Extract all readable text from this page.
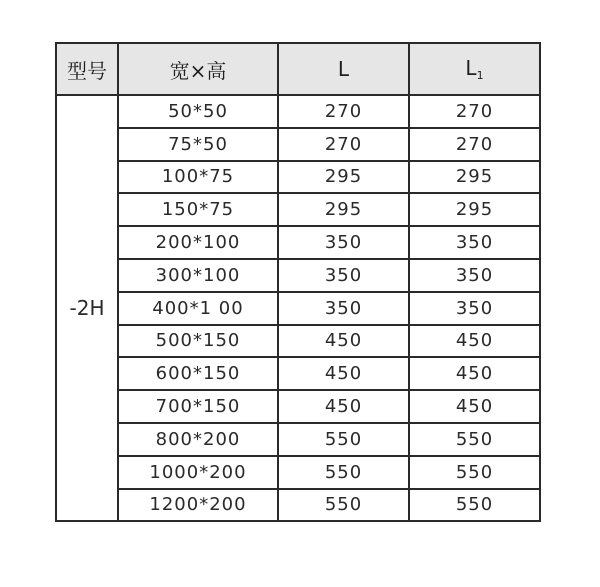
型号	宽×高	L	$L_1$
-2H	50*50	270	270
	75*50	270	270
	100*75	295	295
	150*75	295	295
	200*100	350	350
	300*100	350	350
	400*1 00	350	350
	500*150	450	450
	600*150	450	450
	700*150	450	450
	800*200	550	550
	1000*200	550	550
	1200*200	550	550
